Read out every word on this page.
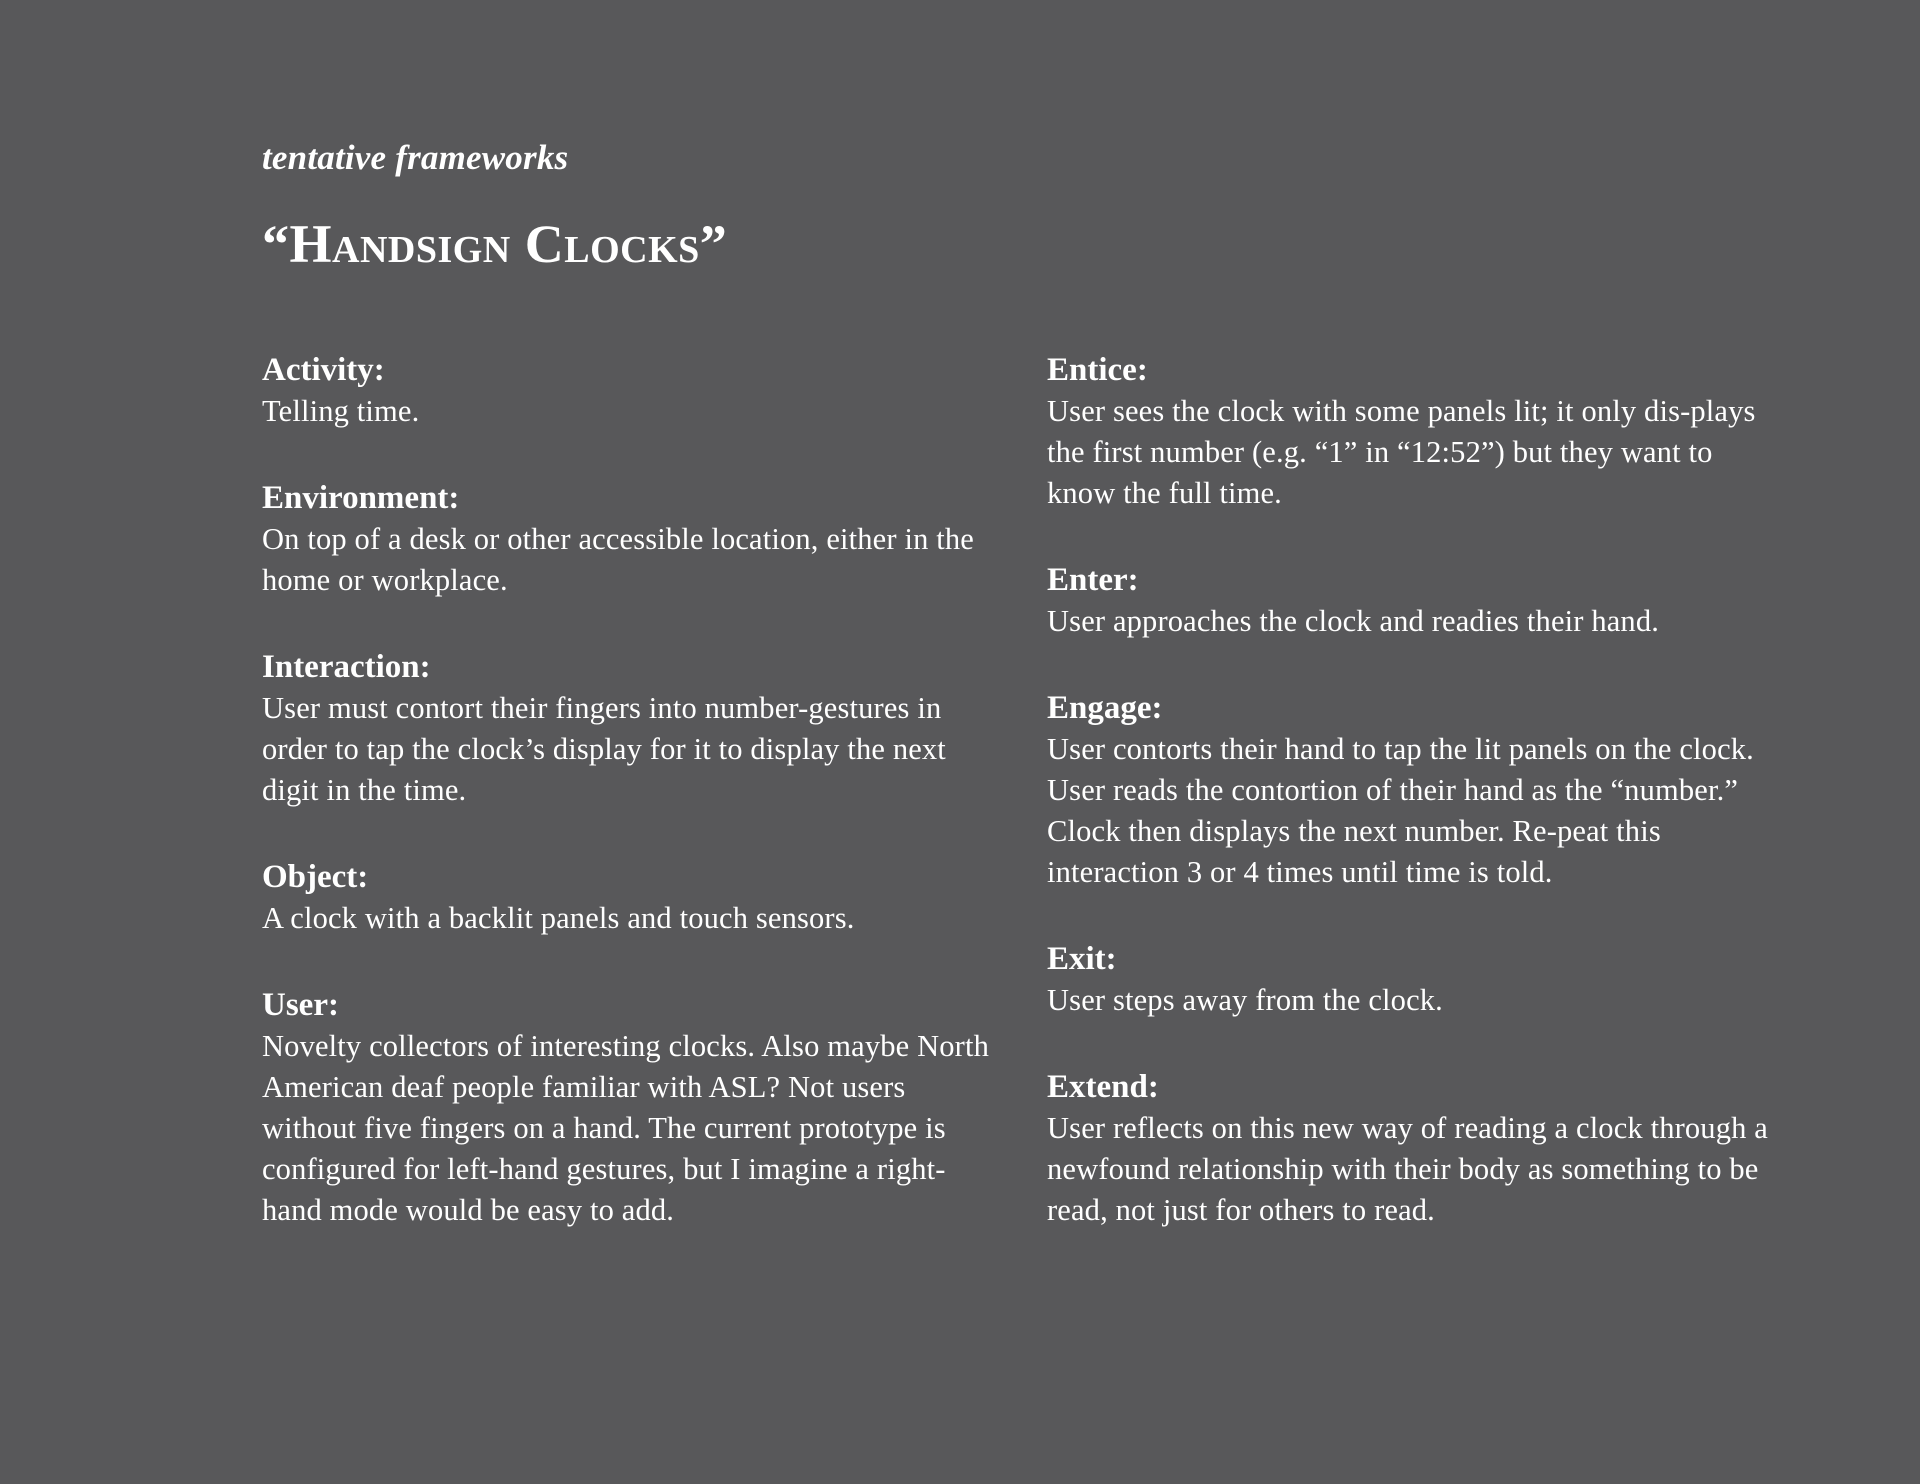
tentative frameworks

“Handsign Clocks”
Activity:

Telling time.

Environment:

On top of a desk or other accessible location, either in the home or workplace.

Interaction:

User must contort their fingers into number-gestures in order to tap the clock’s display for it to display the next digit in the time.

Object:

A clock with a backlit panels and touch sensors.

User:

Novelty collectors of interesting clocks. Also maybe North American deaf people familiar with ASL? Not users without five fingers on a hand. The current prototype is configured for left-hand gestures, but I imagine a right-hand mode would be easy to add.

Entice:

User sees the clock with some panels lit; it only dis-plays the first number (e.g. “1” in “12:52”) but they want to know the full time.

Enter:

User approaches the clock and readies their hand.

Engage:

User contorts their hand to tap the lit panels on the clock. User reads the contortion of their hand as the “number.” Clock then displays the next number. Re-peat this interaction 3 or 4 times until time is told.

Exit:

User steps away from the clock.

Extend:

User reflects on this new way of reading a clock through a newfound relationship with their body as something to be read, not just for others to read.
